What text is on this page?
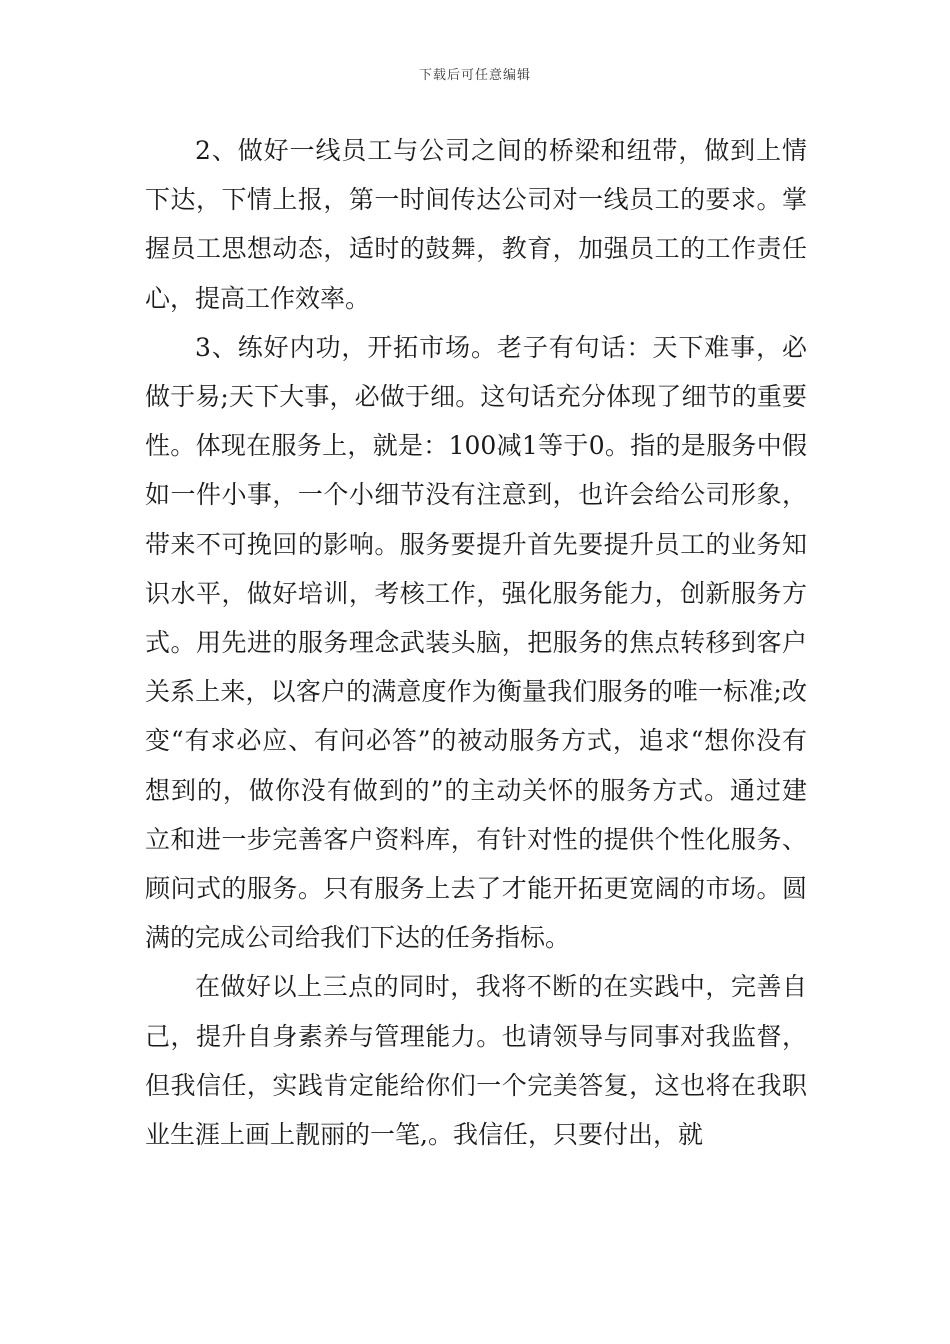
下载后可任意编辑

2、做好一线员工与公司之间的桥梁和纽带，做到上情下达，下情上报，第一时间传达公司对一线员工的要求。掌握员工思想动态，适时的鼓舞，教育，加强员工的工作责任心，提高工作效率。

3、练好内功，开拓市场。老子有句话：天下难事，必做于易;天下大事，必做于细。这句话充分体现了细节的重要性。体现在服务上，就是：100减1等于0。指的是服务中假如一件小事，一个小细节没有注意到，也许会给公司形象，带来不可挽回的影响。服务要提升首先要提升员工的业务知识水平，做好培训，考核工作，强化服务能力，创新服务方式。用先进的服务理念武装头脑，把服务的焦点转移到客户关系上来，以客户的满意度作为衡量我们服务的唯一标准;改变“有求必应、有问必答”的被动服务方式，追求“想你没有想到的，做你没有做到的”的主动关怀的服务方式。通过建立和进一步完善客户资料库，有针对性的提供个性化服务、顾问式的服务。只有服务上去了才能开拓更宽阔的市场。圆满的完成公司给我们下达的任务指标。

在做好以上三点的同时，我将不断的在实践中，完善自己，提升自身素养与管理能力。也请领导与同事对我监督，但我信任，实践肯定能给你们一个完美答复，这也将在我职业生涯上画上靓丽的一笔,。我信任，只要付出，就
